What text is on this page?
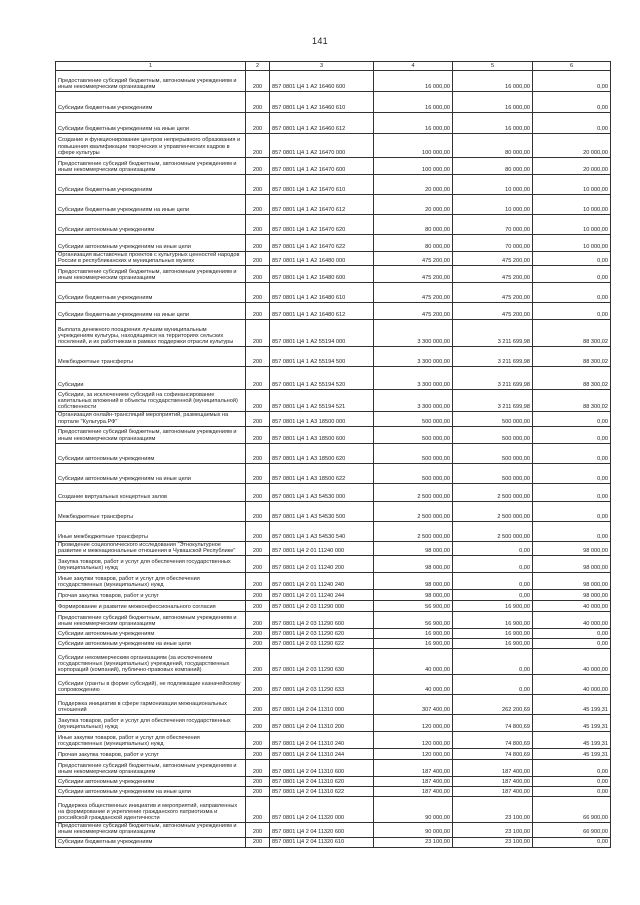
141
1	2	3	4	5	6
Предоставление субсидий бюджетным, автономным учреждениям и иным некоммерческим организациям	200	857 0801 Ц4 1 А2 16460 600	16 000,00	16 000,00	0,00
Субсидии бюджетным учреждениям	200	857 0801 Ц4 1 А2 16460 610	16 000,00	16 000,00	0,00
Субсидии бюджетным учреждениям на иные цели	200	857 0801 Ц4 1 А2 16460 612	16 000,00	16 000,00	0,00
Создание и функционирование центров непрерывного образования и повышения квалификации творческих и управленческих кадров в сфере культуры	200	857 0801 Ц4 1 А2 16470 000	100 000,00	80 000,00	20 000,00
Предоставление субсидий бюджетным, автономным учреждениям и иным некоммерческим организациям	200	857 0801 Ц4 1 А2 16470 600	100 000,00	80 000,00	20 000,00
Субсидии бюджетным учреждениям	200	857 0801 Ц4 1 А2 16470 610	20 000,00	10 000,00	10 000,00
Субсидии бюджетным учреждениям на иные цели	200	857 0801 Ц4 1 А2 16470 612	20 000,00	10 000,00	10 000,00
Субсидии автономным учреждениям	200	857 0801 Ц4 1 А2 16470 620	80 000,00	70 000,00	10 000,00
Субсидии автономным учреждениям на иные цели	200	857 0801 Ц4 1 А2 16470 622	80 000,00	70 000,00	10 000,00
Организация выставочных проектов с культурных ценностей народов России в республиканских и муниципальных музеях	200	857 0801 Ц4 1 А2 16480 000	475 200,00	475 200,00	0,00
Предоставление субсидий бюджетным, автономным учреждениям и иным некоммерческим организациям	200	857 0801 Ц4 1 А2 16480 600	475 200,00	475 200,00	0,00
Субсидии бюджетным учреждениям	200	857 0801 Ц4 1 А2 16480 610	475 200,00	475 200,00	0,00
Субсидии бюджетным учреждениям на иные цели	200	857 0801 Ц4 1 А2 16480 612	475 200,00	475 200,00	0,00
Выплата денежного поощрения лучшим муниципальным учреждениям культуры, находящимся на территориях сельских поселений, и их работникам в рамках поддержки отрасли культуры	200	857 0801 Ц4 1 А2 55194 000	3 300 000,00	3 211 699,98	88 300,02
Межбюджетные трансферты	200	857 0801 Ц4 1 А2 55194 500	3 300 000,00	3 211 699,98	88 300,02
Субсидии	200	857 0801 Ц4 1 А2 55194 520	3 300 000,00	3 211 699,98	88 300,02
Субсидии, за исключением субсидий на софинансирование капитальных вложений в объекты государственной (муниципальной) собственности	200	857 0801 Ц4 1 А2 55194 521	3 300 000,00	3 211 699,98	88 300,02
Организация онлайн-трансляций мероприятий, размещаемых на портале "Культура.РФ"	200	857 0801 Ц4 1 А3 18500 000	500 000,00	500 000,00	0,00
Предоставление субсидий бюджетным, автономным учреждениям и иным некоммерческим организациям	200	857 0801 Ц4 1 А3 18500 600	500 000,00	500 000,00	0,00
Субсидии автономным учреждениям	200	857 0801 Ц4 1 А3 18500 620	500 000,00	500 000,00	0,00
Субсидии автономным учреждениям на иные цели	200	857 0801 Ц4 1 А3 18500 622	500 000,00	500 000,00	0,00
Создание виртуальных концертных залов	200	857 0801 Ц4 1 А3 54530 000	2 500 000,00	2 500 000,00	0,00
Межбюджетные трансферты	200	857 0801 Ц4 1 А3 54530 500	2 500 000,00	2 500 000,00	0,00
Иные межбюджетные трансферты	200	857 0801 Ц4 1 А3 54530 540	2 500 000,00	2 500 000,00	0,00
Проведение социологического исследования "Этнокультурное развитие и межнациональные отношения в Чувашской Республике"	200	857 0801 Ц4 2 01 11240 000	98 000,00	0,00	98 000,00
Закупка товаров, работ и услуг для обеспечения государственных (муниципальных) нужд	200	857 0801 Ц4 2 01 11240 200	98 000,00	0,00	98 000,00
Иные закупки товаров, работ и услуг для обеспечения государственных (муниципальных) нужд	200	857 0801 Ц4 2 01 11240 240	98 000,00	0,00	98 000,00
Прочая закупка товаров, работ и услуг	200	857 0801 Ц4 2 01 11240 244	98 000,00	0,00	98 000,00
Формирование и развитие межконфессионального согласия	200	857 0801 Ц4 2 03 11290 000	56 900,00	16 900,00	40 000,00
Предоставление субсидий бюджетным, автономным учреждениям и иным некоммерческим организациям	200	857 0801 Ц4 2 03 11290 600	56 900,00	16 900,00	40 000,00
Субсидии автономным учреждениям	200	857 0801 Ц4 2 03 11290 620	16 900,00	16 900,00	0,00
Субсидии автономным учреждениям на иные цели	200	857 0801 Ц4 2 03 11290 622	16 900,00	16 900,00	0,00
Субсидии некоммерческим организациям (за исключением государственных (муниципальных) учреждений, государственных корпораций (компаний), публично-правовых компаний)	200	857 0801 Ц4 2 03 11290 630	40 000,00	0,00	40 000,00
Субсидии (гранты в форме субсидий), не подлежащие казначейскому сопровождению	200	857 0801 Ц4 2 03 11290 633	40 000,00	0,00	40 000,00
Поддержка инициатив в сфере гармонизации межнациональных отношений	200	857 0801 Ц4 2 04 11310 000	307 400,00	262 200,69	45 199,31
Закупка товаров, работ и услуг для обеспечения государственных (муниципальных) нужд	200	857 0801 Ц4 2 04 11310 200	120 000,00	74 800,69	45 199,31
Иные закупки товаров, работ и услуг для обеспечения государственных (муниципальных) нужд	200	857 0801 Ц4 2 04 11310 240	120 000,00	74 800,69	45 199,31
Прочая закупка товаров, работ и услуг	200	857 0801 Ц4 2 04 11310 244	120 000,00	74 800,69	45 199,31
Предоставление субсидий бюджетным, автономным учреждениям и иным некоммерческим организациям	200	857 0801 Ц4 2 04 11310 600	187 400,00	187 400,00	0,00
Субсидии автономным учреждениям	200	857 0801 Ц4 2 04 11310 620	187 400,00	187 400,00	0,00
Субсидии автономным учреждениям на иные цели	200	857 0801 Ц4 2 04 11310 622	187 400,00	187 400,00	0,00
Поддержка общественных инициатив и мероприятий, направленных на формирование и укрепление гражданского патриотизма и российской гражданской идентичности	200	857 0801 Ц4 2 04 11320 000	90 000,00	23 100,00	66 900,00
Предоставление субсидий бюджетным, автономным учреждениям и иным некоммерческим организациям	200	857 0801 Ц4 2 04 11320 600	90 000,00	23 100,00	66 900,00
Субсидии бюджетным учреждениям	200	857 0801 Ц4 2 04 11320 610	23 100,00	23 100,00	0,00
